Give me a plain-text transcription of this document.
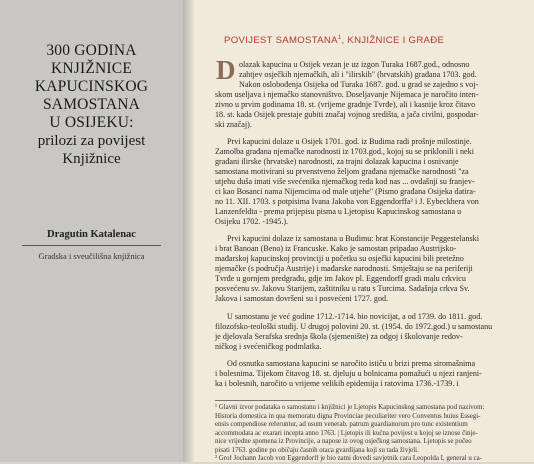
300 GODINA
KNJIŽNICE
KAPUCINSKOG
SAMOSTANA
U OSIJEKU:
prilozi za povijest
Knjižnice
Dragutin Katalenac
Gradska i sveučilišna knjižnica
POVIJEST SAMOSTANA$^1$, KNJIŽNICE I GRAĐE
D olazak kapucina u Osijek vezan je uz izgon Turaka 1687.god., odnosno
zahtjev osječkih njemačkih, ali i "ilirskih" (hrvatskih) građana 1703. god.
Nakon oslobođenja Osijeka od Turaka 1687. god. u grad se zajedno s voj-
skom useljava i njemačko stanovništvo. Doseljavanje Nijemaca je naročito inten-
zivno u prvim godinama 18. st. (vrijeme gradnje Tvrđe), ali i kasnije kroz čitavo
18. st. kada Osijek prestaje gubiti značaj vojnog središta, a jača civilni, gospodar-
ski značaj).
Prvi kapucini dolaze u Osijek 1701. god. iz Budima radi prošnje milostinje.
Zamolba građana njemačke narodnosti iz 1703.god., kojoj su se priklonili i neki
građani ilirske (hrvatske) narodnosti, za trajni dolazak kapucina i osnivanje
samostana motivirani su prvenstveno željom građana njemačke narodnosti "za
utjehu duša imati više svećenika njemačkog reda kod nas ... ovdašnji su franjev-
ci kao Bosanci nama Nijemcima od male utjehe" (Pismo građana Osijeka datira-
no 11. XII. 1703. s potpisima Ivana Jakoba von Eggendorffa² i J. Eybeckhera von
Lanzenfeldta - prema prijepisu pisma u Ljetopisu Kapucinskog samostana u
Osijeku 1702. -1945.).
Prvi kapucini dolaze iz samostana u Budimu: brat Konstancije Peggestelanski
i brat Banoan (Beno) iz Francuske. Kako je samostan pripadao Austrijsko-
mađarskoj kapucinskoj provinciji u početku su osječki kapucini bili pretežno
njemačke (s područja Austrije) i mađarske narodnosti. Smještaju se na periferiji
Tvrđe u gornjem predgrađu, gdje im Jakov pl. Eggendorff gradi malu crkvicu
posvećenu sv. Jakovu Starijem, zaštitniku u ratu s Turcima. Sadašnja crkva Sv.
Jakova i samostan dovršeni su i posvećeni 1727. god.
U samostanu je već godine 1712.-1714. bio novicijat, a od 1739. do 1811. god.
filozofsko-teološki studij. U drugoj polovini 20. st. (1954. do 1972.god.) u samostanu
je djelovala Serafska srednja škola (sjemenište) za odgoj i školovanje redov-
ničkog i svećeničkog podmlatka.
Od osnutka samostana kapucini se naročito ističu u brizi prema siromašnima
i bolesnima. Tijekom čitavog 18. st. djeluju u bolnicama pomažući u njezi ranjeni-
ka i bolesnih, naročito u vrijeme velikih epidemija i ratovima 1736.-1739. i
¹ Glavni izvor podataka o samostanu i knjižnici je Ljetopis Kapucinskog samostana pod nazivom:
Historia domestica in qua memoratu digna Provinciae peculiariter vero Conventus huius Essegi-
ensis compendiose referuntur, ad usum venerab. patrum guardianorum pro tunc existentium
accommodata ac exarari incepta anno 1763. | Ljetopis ili kućna povijest u kojoj se iznose činje-
nice vrijedne spomena iz Provincije, a napose iz ovog osječkog samostana. Ljetopis se počeo
pisati 1763. godine po običaju časnih otaca gvardijana koji su tada živjeli.
² Grof Jochann Jacob von Eggendorff je bio zatni đovedi savjetnik cara Leopolda I, general u ca-
